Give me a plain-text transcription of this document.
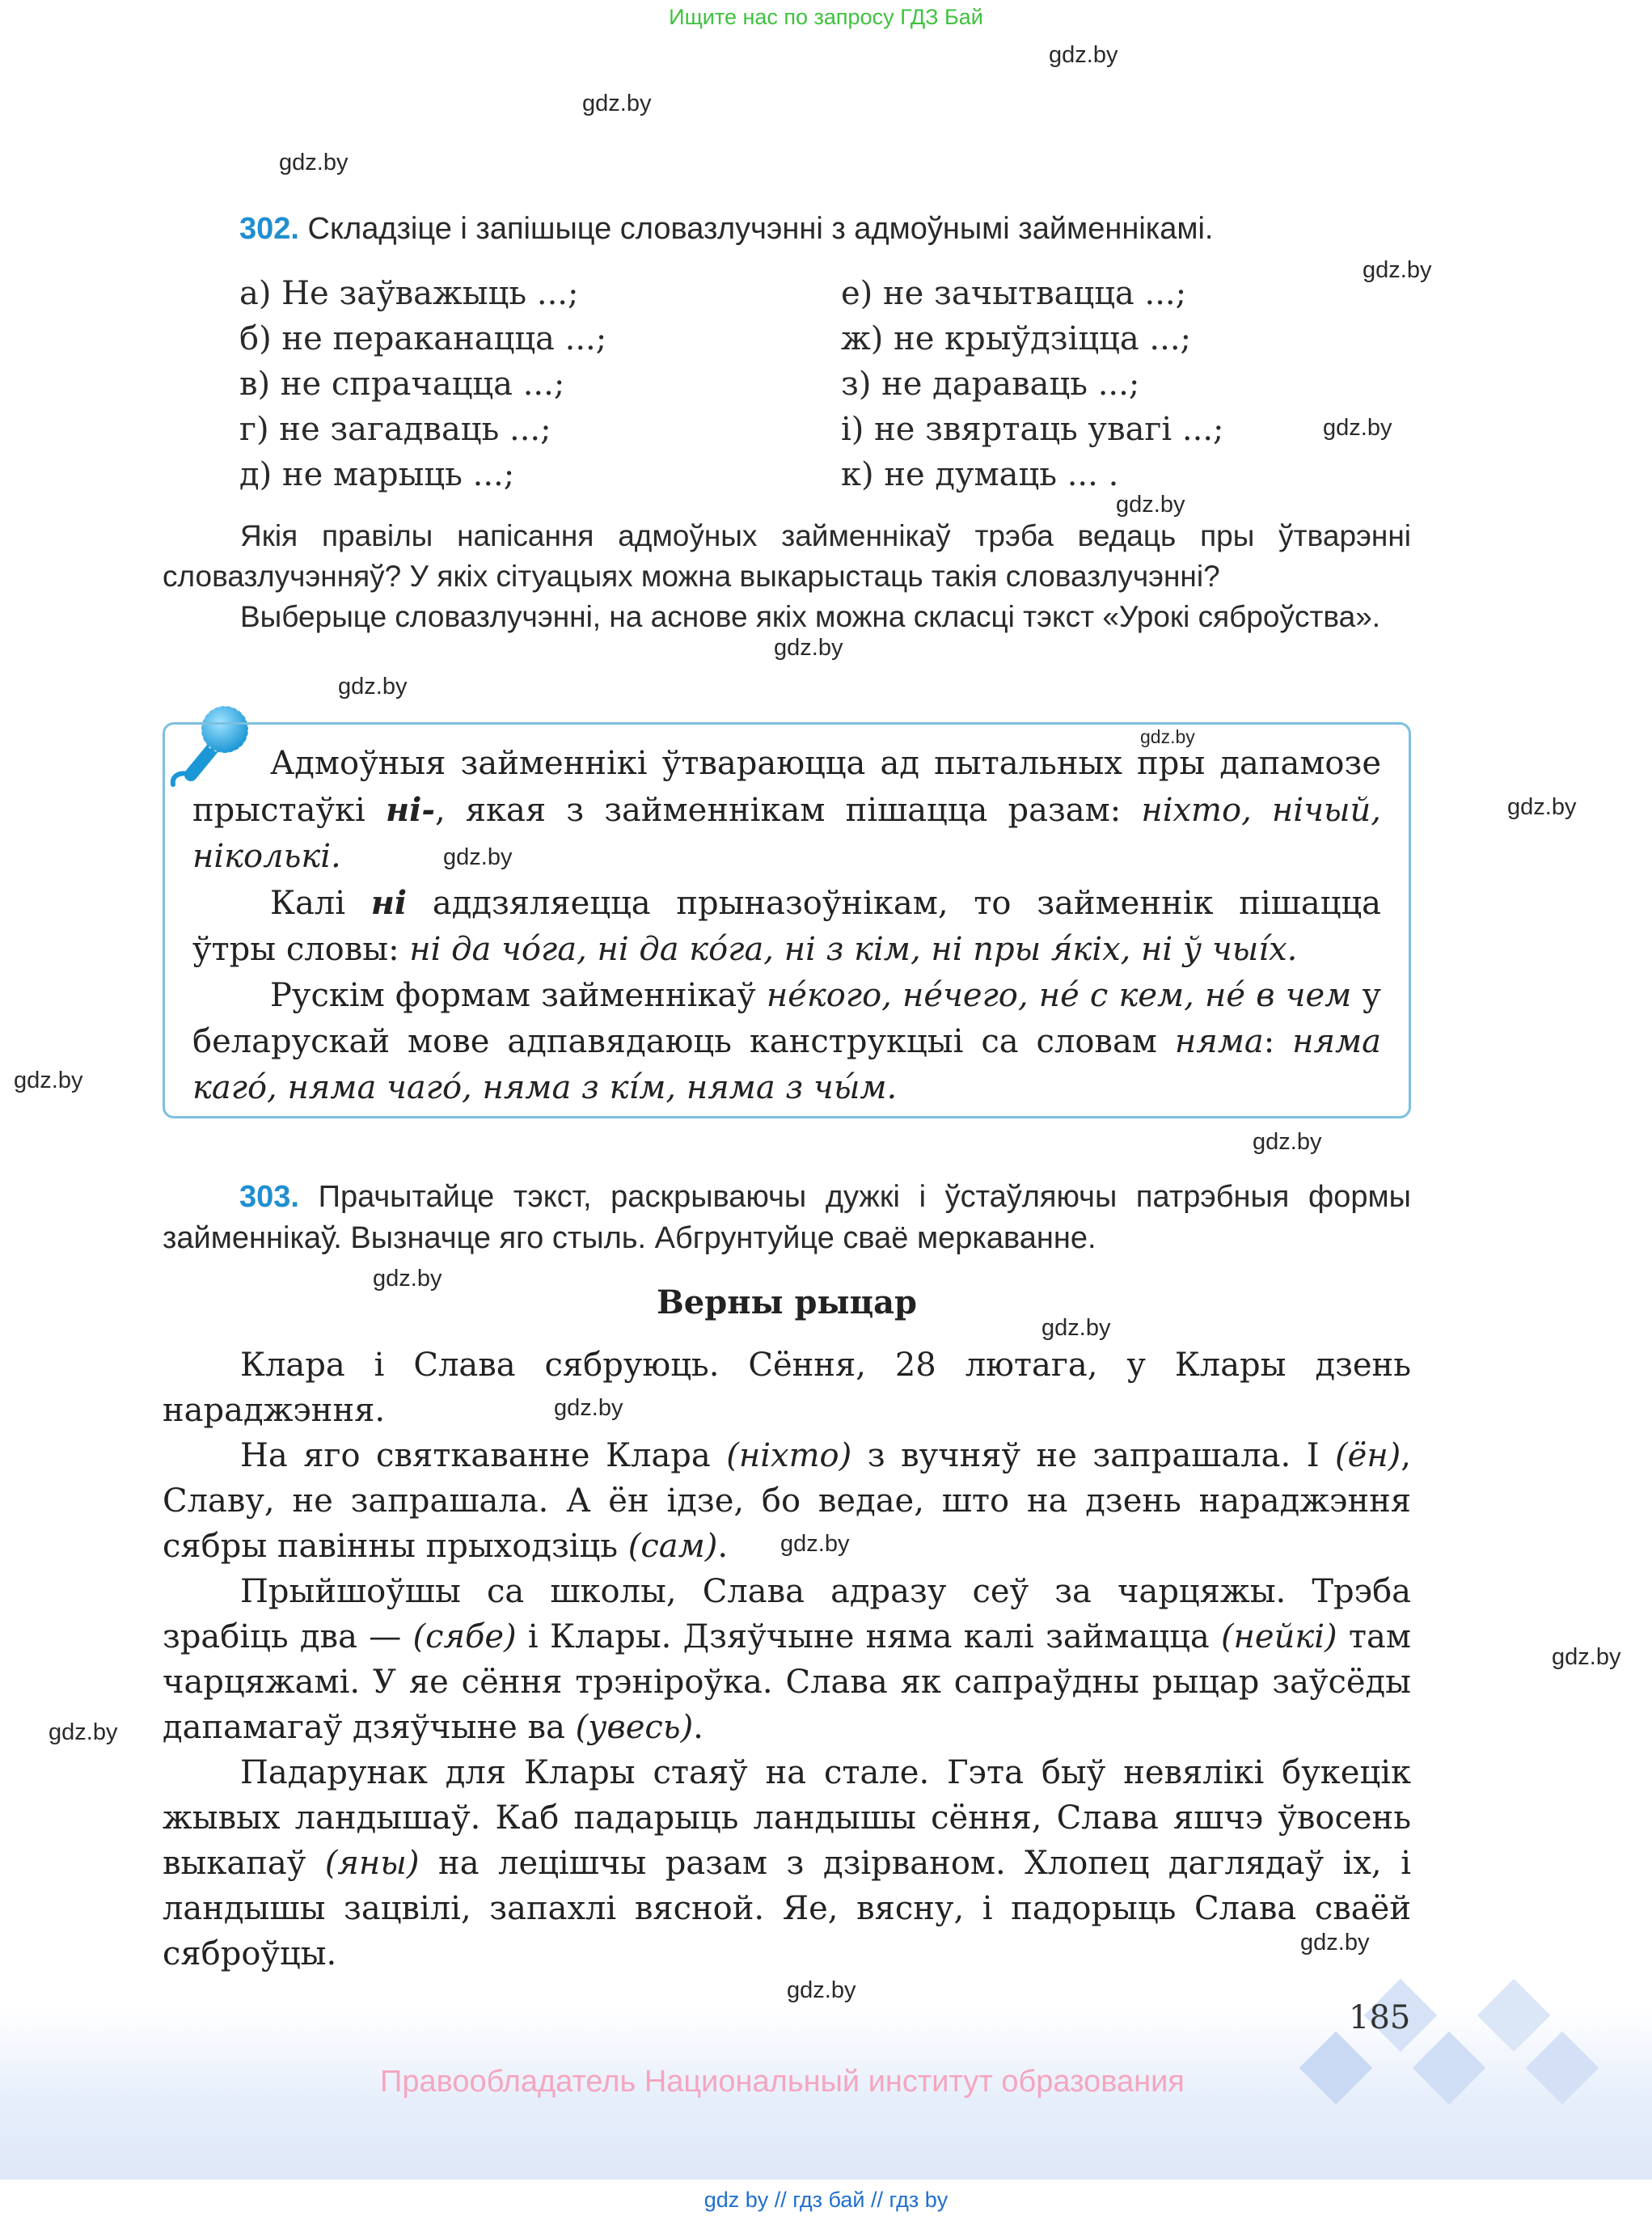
Ищите нас по запросу ГДЗ Бай
gdz.by
gdz.by
gdz.by
gdz.by
gdz.by
gdz.by
gdz.by
gdz.by
gdz.by
gdz.by
gdz.by
gdz.by
gdz.by
gdz.by
gdz.by
gdz.by
gdz.by
gdz.by
gdz.by
gdz.by
gdz.by
302. Складзіце і запішыце словазлучэнні з адмоўнымі займеннікамі.
а) Не заўважыць ...;
б) не пераканацца ...;
в) не спрачацца ...;
г) не загадваць ...;
д) не марыць ...;
е) не зачытвацца ...;
ж) не крыўдзіцца ...;
з) не дараваць ...;
і) не звяртаць увагі ...;
к) не думаць ... .
Якія правілы напісання адмоўных займеннікаў трэба ведаць пры ўтварэнні словазлучэнняў? У якіх сітуацыях можна выкарыстаць такія словазлучэнні?
Выберыце словазлучэнні, на аснове якіх можна скласці тэкст «Урокі сяброўства».

Адмоўныя займеннікі ўтвараюцца ад пытальных пры дапамозе прыстаўкі ні-, якая з займеннікам пішацца разам: ніхто, нічый, ніколькі.

Калі ні аддзяляецца прыназоўнікам, то займеннік пішацца ўтры словы: ні да чо́га, ні да ко́га, ні з кім, ні пры я́кіх, ні ў чыі́х.

Рускім формам займеннікаў не́кого, не́чего, не́ с кем, не́ в чем у беларускай мове адпавядаюць канструкцыі са словам няма: няма каго́, няма чаго́, няма з кі́м, няма з чы́м.

303. Прачытайце тэкст, раскрываючы дужкі і ўстаўляючы патрэбныя формы займеннікаў. Вызначце яго стыль. Абгрунтуйце сваё меркаванне.
Верны рыцар

Клара і Слава сябруюць. Сёння, 28 лютага, у Клары дзень нараджэння.

На яго святкаванне Клара (ніхто) з вучняў не запрашала. І (ён), Славу, не запрашала. А ён ідзе, бо ведае, што на дзень нараджэння сябры павінны прыходзіць (сам).

Прыйшоўшы са школы, Слава адразу сеў за чарцяжы. Трэба зрабіць два — (сябе) і Клары. Дзяўчыне няма калі займацца (нейкі) там чарцяжамі. У яе сёння трэніроўка. Слава як сапраўдны рыцар заўсёды дапамагаў дзяўчыне ва (увесь).

Падарунак для Клары стаяў на стале. Гэта быў невялікі букецік жывых ландышаў. Каб падарыць ландышы сёння, Слава яшчэ ўвосень выкапаў (яны) на лецішчы разам з дзірваном. Хлопец даглядаў іх, і ландышы зацвілі, запахлі вясной. Яе, вясну, і падорыць Слава сваёй сяброўцы.

185
Правообладатель Национальный институт образования
gdz by // гдз бай // гдз by
